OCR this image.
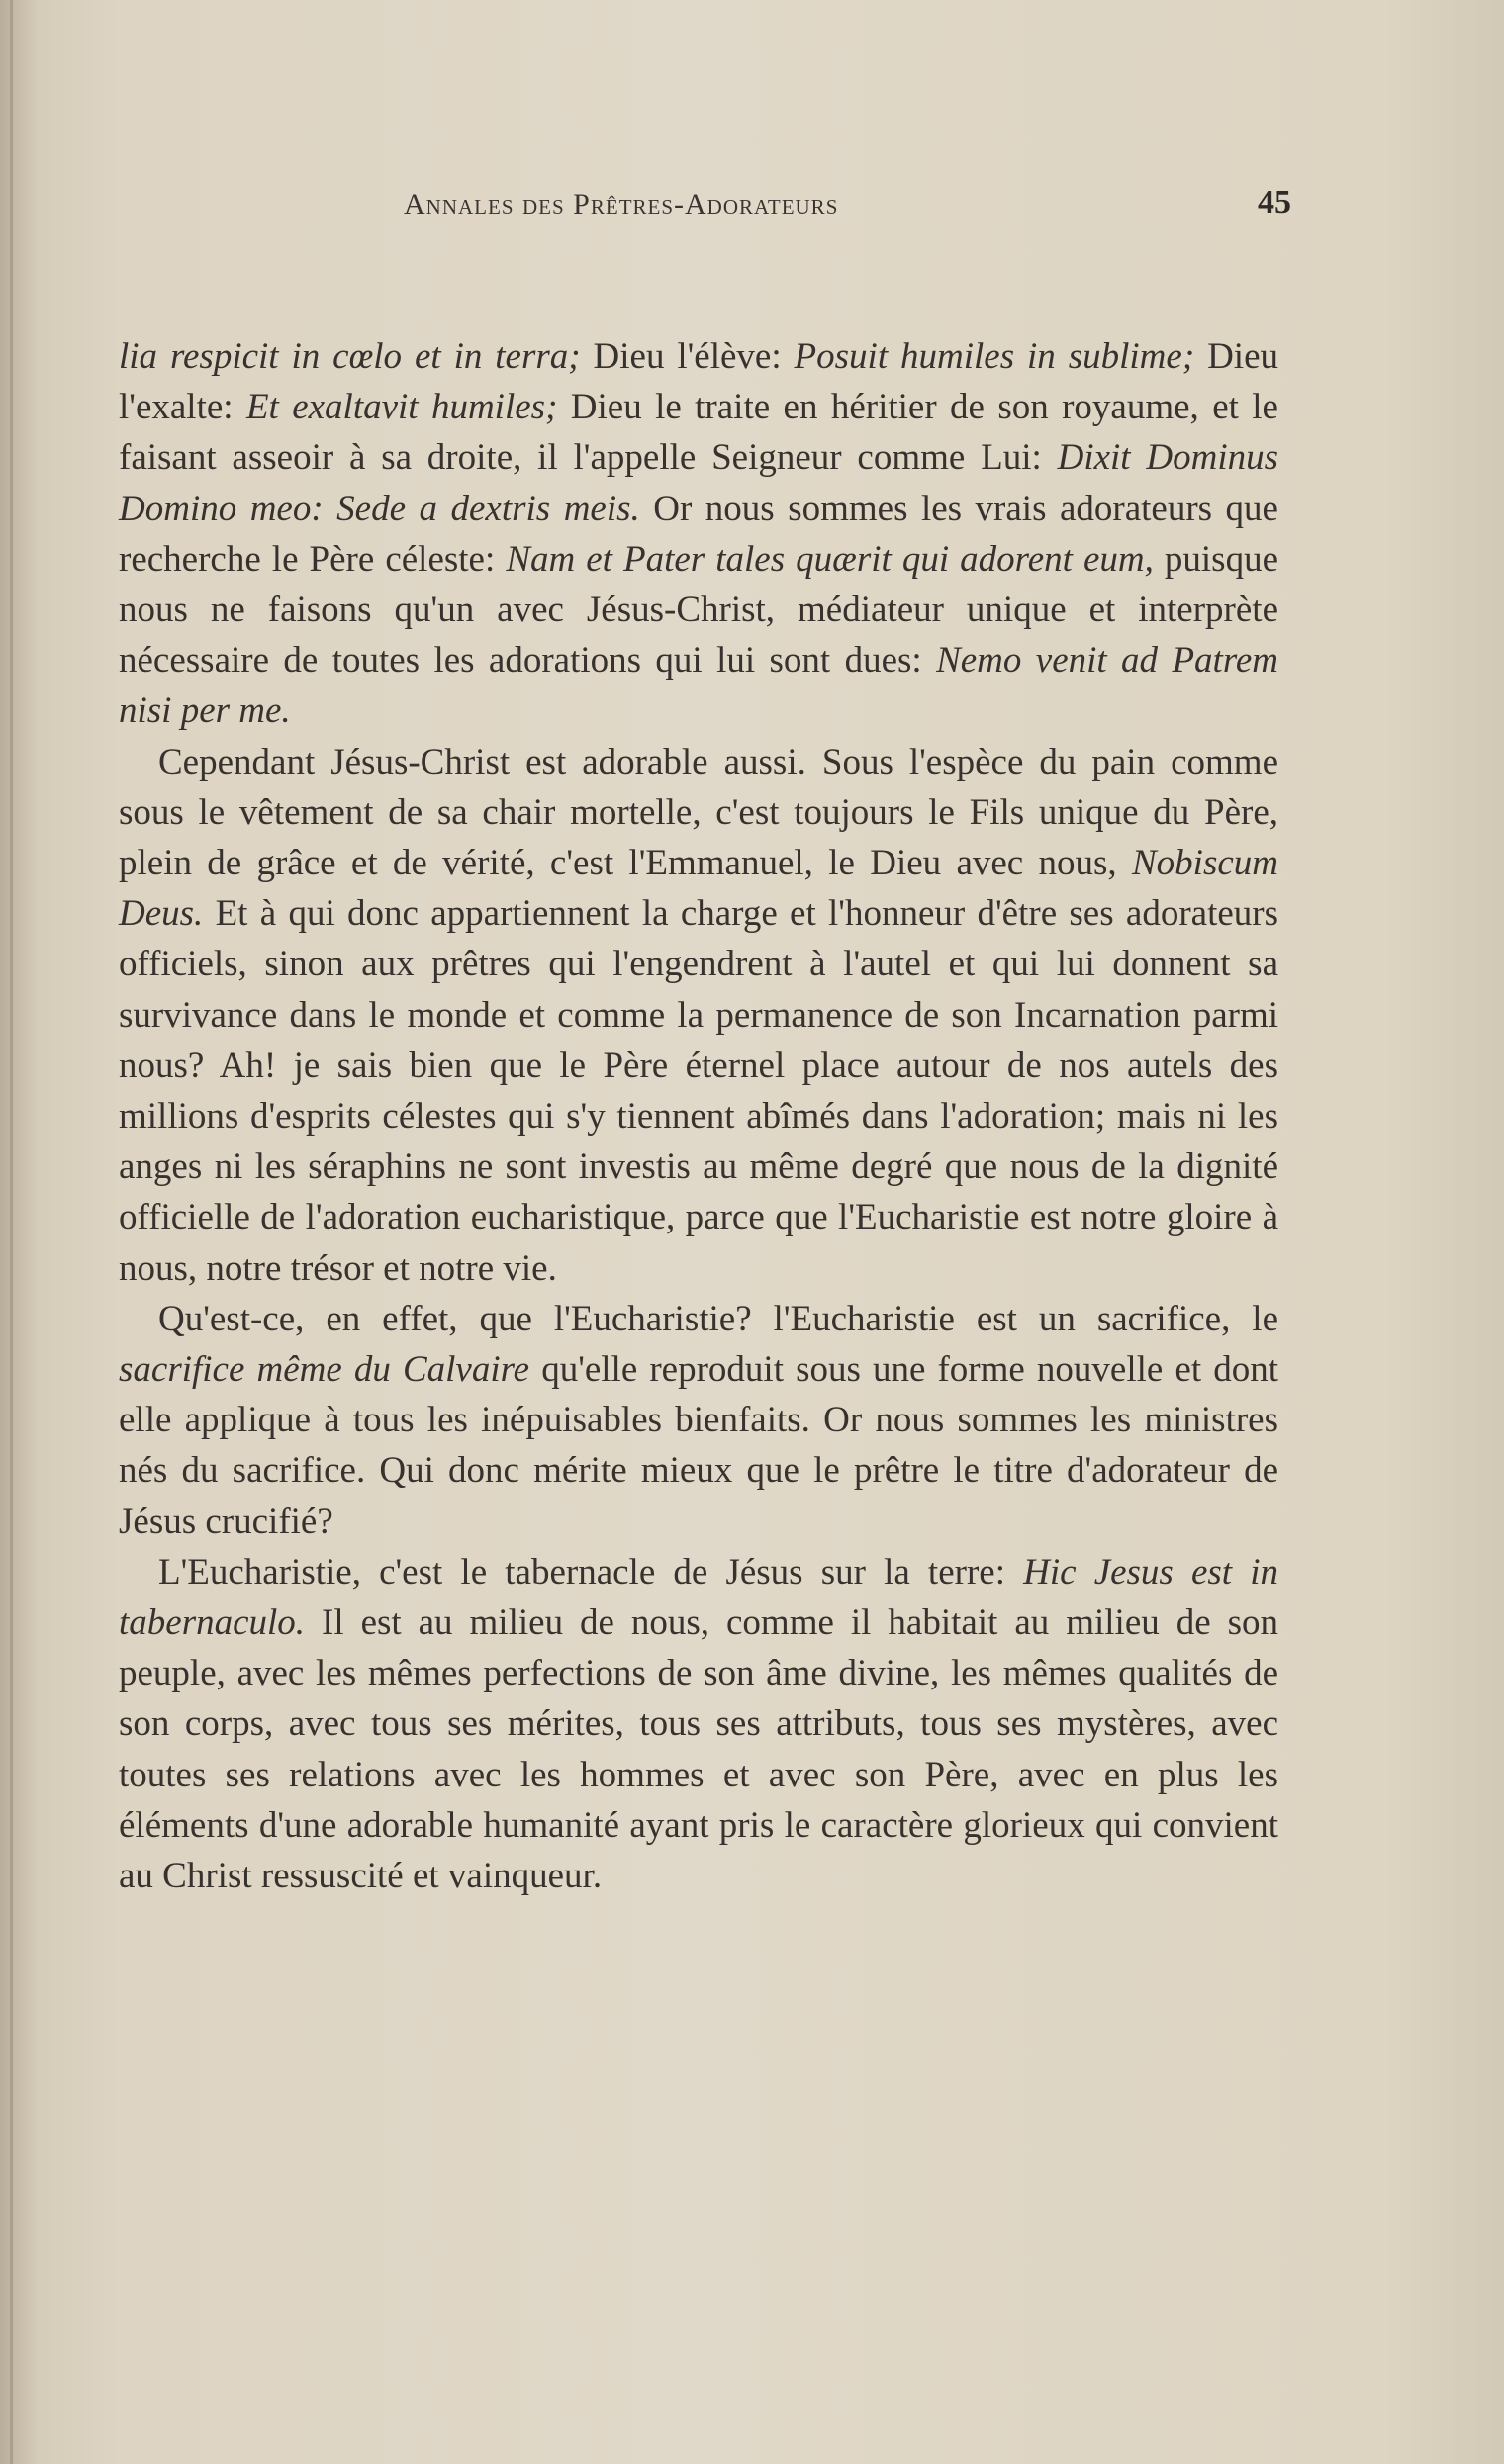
Annales des Prêtres-Adorateurs	45

lia respicit in cœlo et in terra; Dieu l'élève: Posuit humiles in sublime; Dieu l'exalte: Et exaltavit humiles; Dieu le traite en héritier de son royaume, et le faisant asseoir à sa droite, il l'appelle Seigneur comme Lui: Dixit Dominus Domino meo: Sede a dextris meis. Or nous sommes les vrais adorateurs que recherche le Père céleste: Nam et Pater tales quærit qui adorent eum, puisque nous ne faisons qu'un avec Jésus-Christ, médiateur unique et interprète nécessaire de toutes les adorations qui lui sont dues: Nemo venit ad Patrem nisi per me.

Cependant Jésus-Christ est adorable aussi. Sous l'espèce du pain comme sous le vêtement de sa chair mortelle, c'est toujours le Fils unique du Père, plein de grâce et de vérité, c'est l'Emmanuel, le Dieu avec nous, Nobiscum Deus. Et à qui donc appartiennent la charge et l'honneur d'être ses adorateurs officiels, sinon aux prêtres qui l'engendrent à l'autel et qui lui donnent sa survivance dans le monde et comme la permanence de son Incarnation parmi nous? Ah! je sais bien que le Père éternel place autour de nos autels des millions d'esprits célestes qui s'y tiennent abîmés dans l'adoration; mais ni les anges ni les séraphins ne sont investis au même degré que nous de la dignité officielle de l'adoration eucharistique, parce que l'Eucharistie est notre gloire à nous, notre trésor et notre vie.

Qu'est-ce, en effet, que l'Eucharistie? l'Eucharistie est un sacrifice, le sacrifice même du Calvaire qu'elle reproduit sous une forme nouvelle et dont elle applique à tous les inépuisables bienfaits. Or nous sommes les ministres nés du sacrifice. Qui donc mérite mieux que le prêtre le titre d'adorateur de Jésus crucifié?

L'Eucharistie, c'est le tabernacle de Jésus sur la terre: Hic Jesus est in tabernaculo. Il est au milieu de nous, comme il habitait au milieu de son peuple, avec les mêmes perfections de son âme divine, les mêmes qualités de son corps, avec tous ses mérites, tous ses attributs, tous ses mystères, avec toutes ses relations avec les hommes et avec son Père, avec en plus les éléments d'une adorable humanité ayant pris le caractère glorieux qui convient au Christ ressuscité et vainqueur.
